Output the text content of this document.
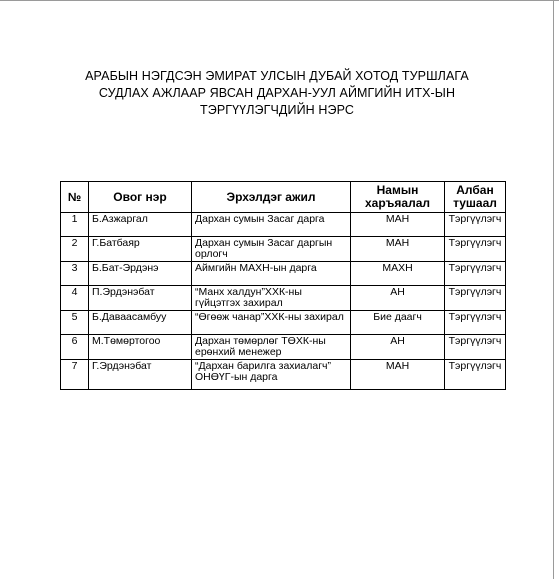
АРАБЫН НЭГДСЭН ЭМИРАТ УЛСЫН ДУБАЙ ХОТОД ТУРШЛАГА
СУДЛАХ АЖЛААР ЯВСАН ДАРХАН-УУЛ АЙМГИЙН ИТХ-ЫН
ТЭРГҮҮЛЭГЧДИЙН НЭРС
№	Овог нэр	Эрхэлдэг ажил	Намын харъяалал	Албан тушаал
1	Б.Азжаргал	Дархан сумын Засаг дарга	МАН	Тэргүүлэгч
2	Г.Батбаяр	Дархан сумын Засаг даргын орлогч	МАН	Тэргүүлэгч
3	Б.Бат-Эрдэнэ	Аймгийн МАХН-ын дарга	МАХН	Тэргүүлэгч
4	П.Эрдэнэбат	“Манх халдун”ХХК-ны гүйцэтгэх захирал	АН	Тэргүүлэгч
5	Б.Даваасамбуу	“Өгөөж чанар”ХХК-ны захирал	Бие даагч	Тэргүүлэгч
6	М.Төмөртогоо	Дархан төмөрлөг ТӨХК-ны ерөнхий менежер	АН	Тэргүүлэгч
7	Г.Эрдэнэбат	“Дархан барилга захиалагч” ОНӨҮГ-ын дарга	МАН	Тэргүүлэгч
